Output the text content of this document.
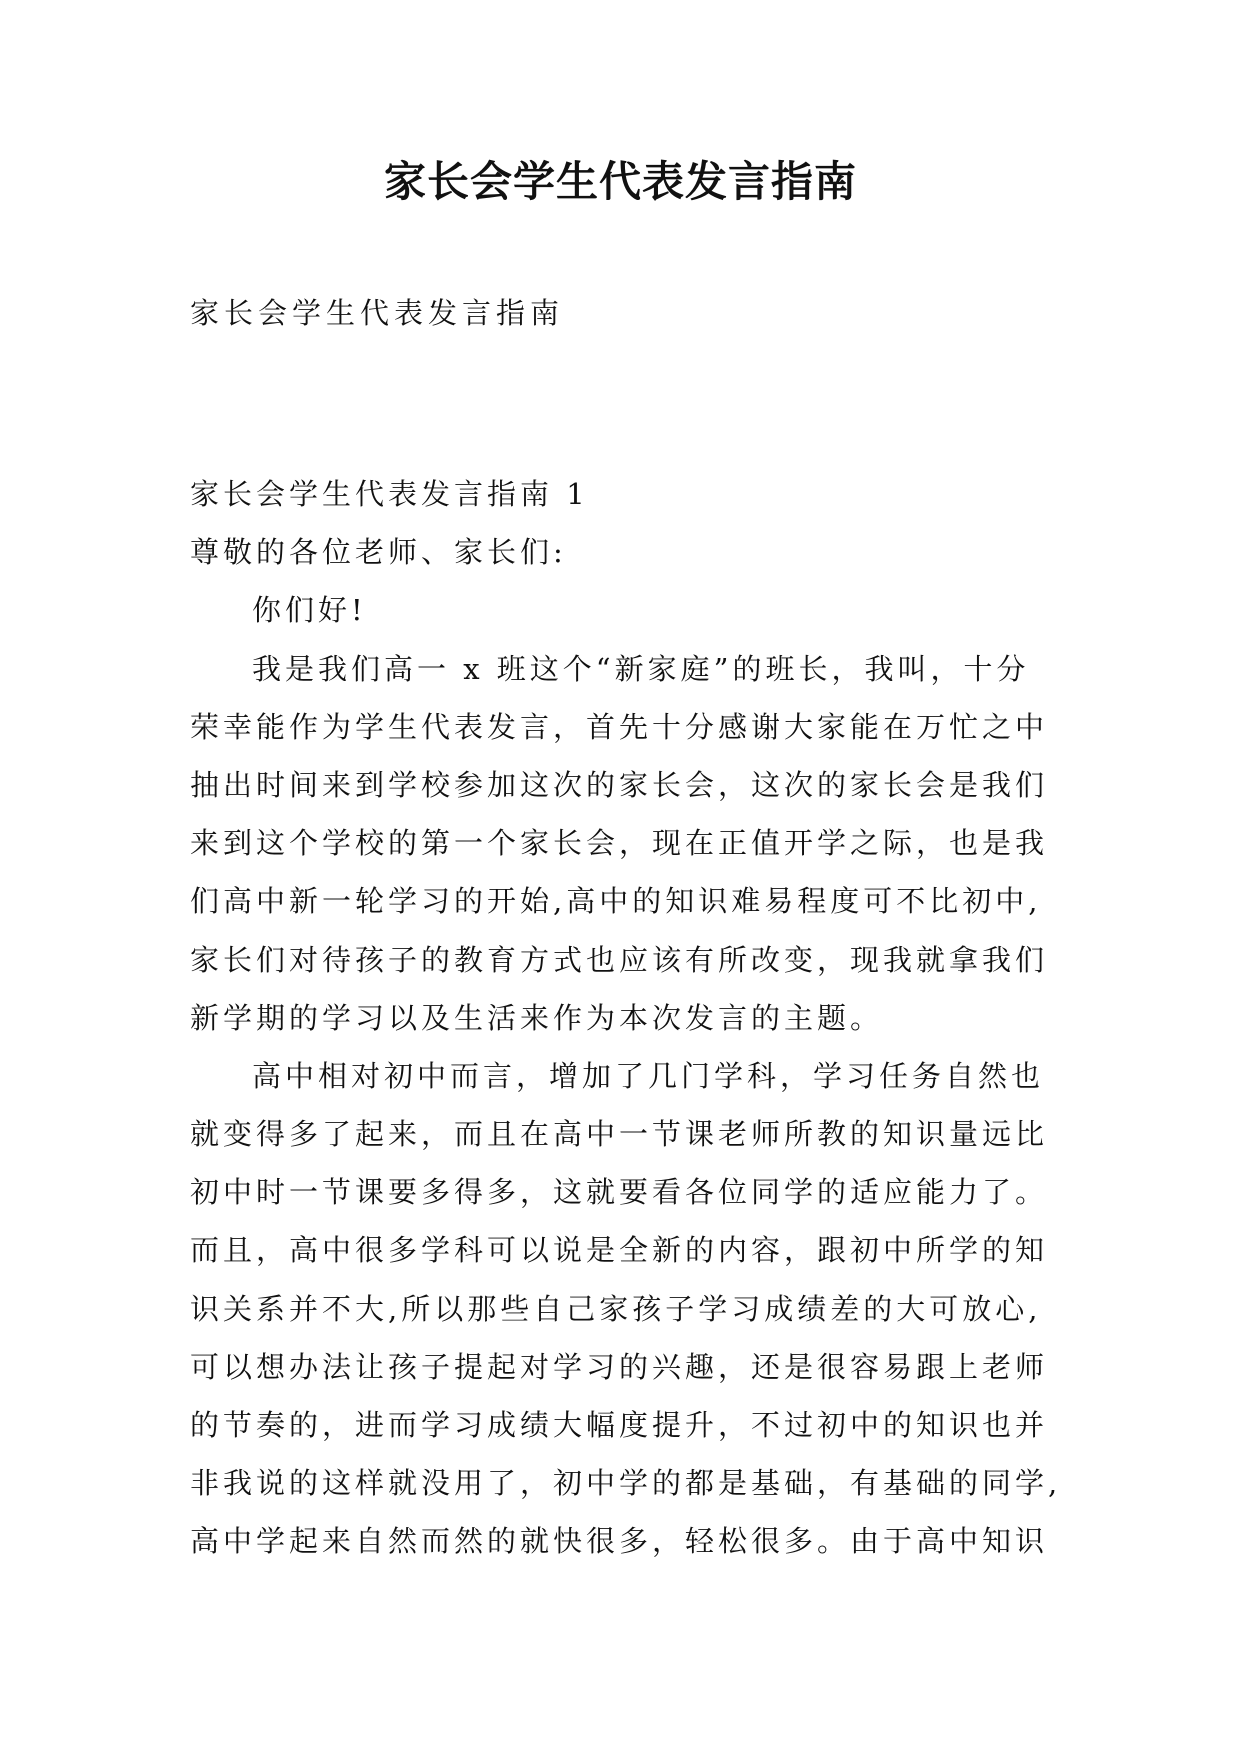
家长会学生代表发言指南

家长会学生代表发言指南

家长会学生代表发言指南 1

尊敬的各位老师、家长们:

你们好!

我是我们高一 x 班这个“新家庭”的班长，我叫，十分

荣幸能作为学生代表发言，首先十分感谢大家能在万忙之中

抽出时间来到学校参加这次的家长会，这次的家长会是我们

来到这个学校的第一个家长会，现在正值开学之际，也是我

们高中新一轮学习的开始,高中的知识难易程度可不比初中,

家长们对待孩子的教育方式也应该有所改变，现我就拿我们

新学期的学习以及生活来作为本次发言的主题。

高中相对初中而言，增加了几门学科，学习任务自然也

就变得多了起来，而且在高中一节课老师所教的知识量远比

初中时一节课要多得多，这就要看各位同学的适应能力了。

而且，高中很多学科可以说是全新的内容，跟初中所学的知

识关系并不大,所以那些自己家孩子学习成绩差的大可放心,

可以想办法让孩子提起对学习的兴趣，还是很容易跟上老师

的节奏的，进而学习成绩大幅度提升，不过初中的知识也并

非我说的这样就没用了，初中学的都是基础，有基础的同学,

高中学起来自然而然的就快很多，轻松很多。由于高中知识
